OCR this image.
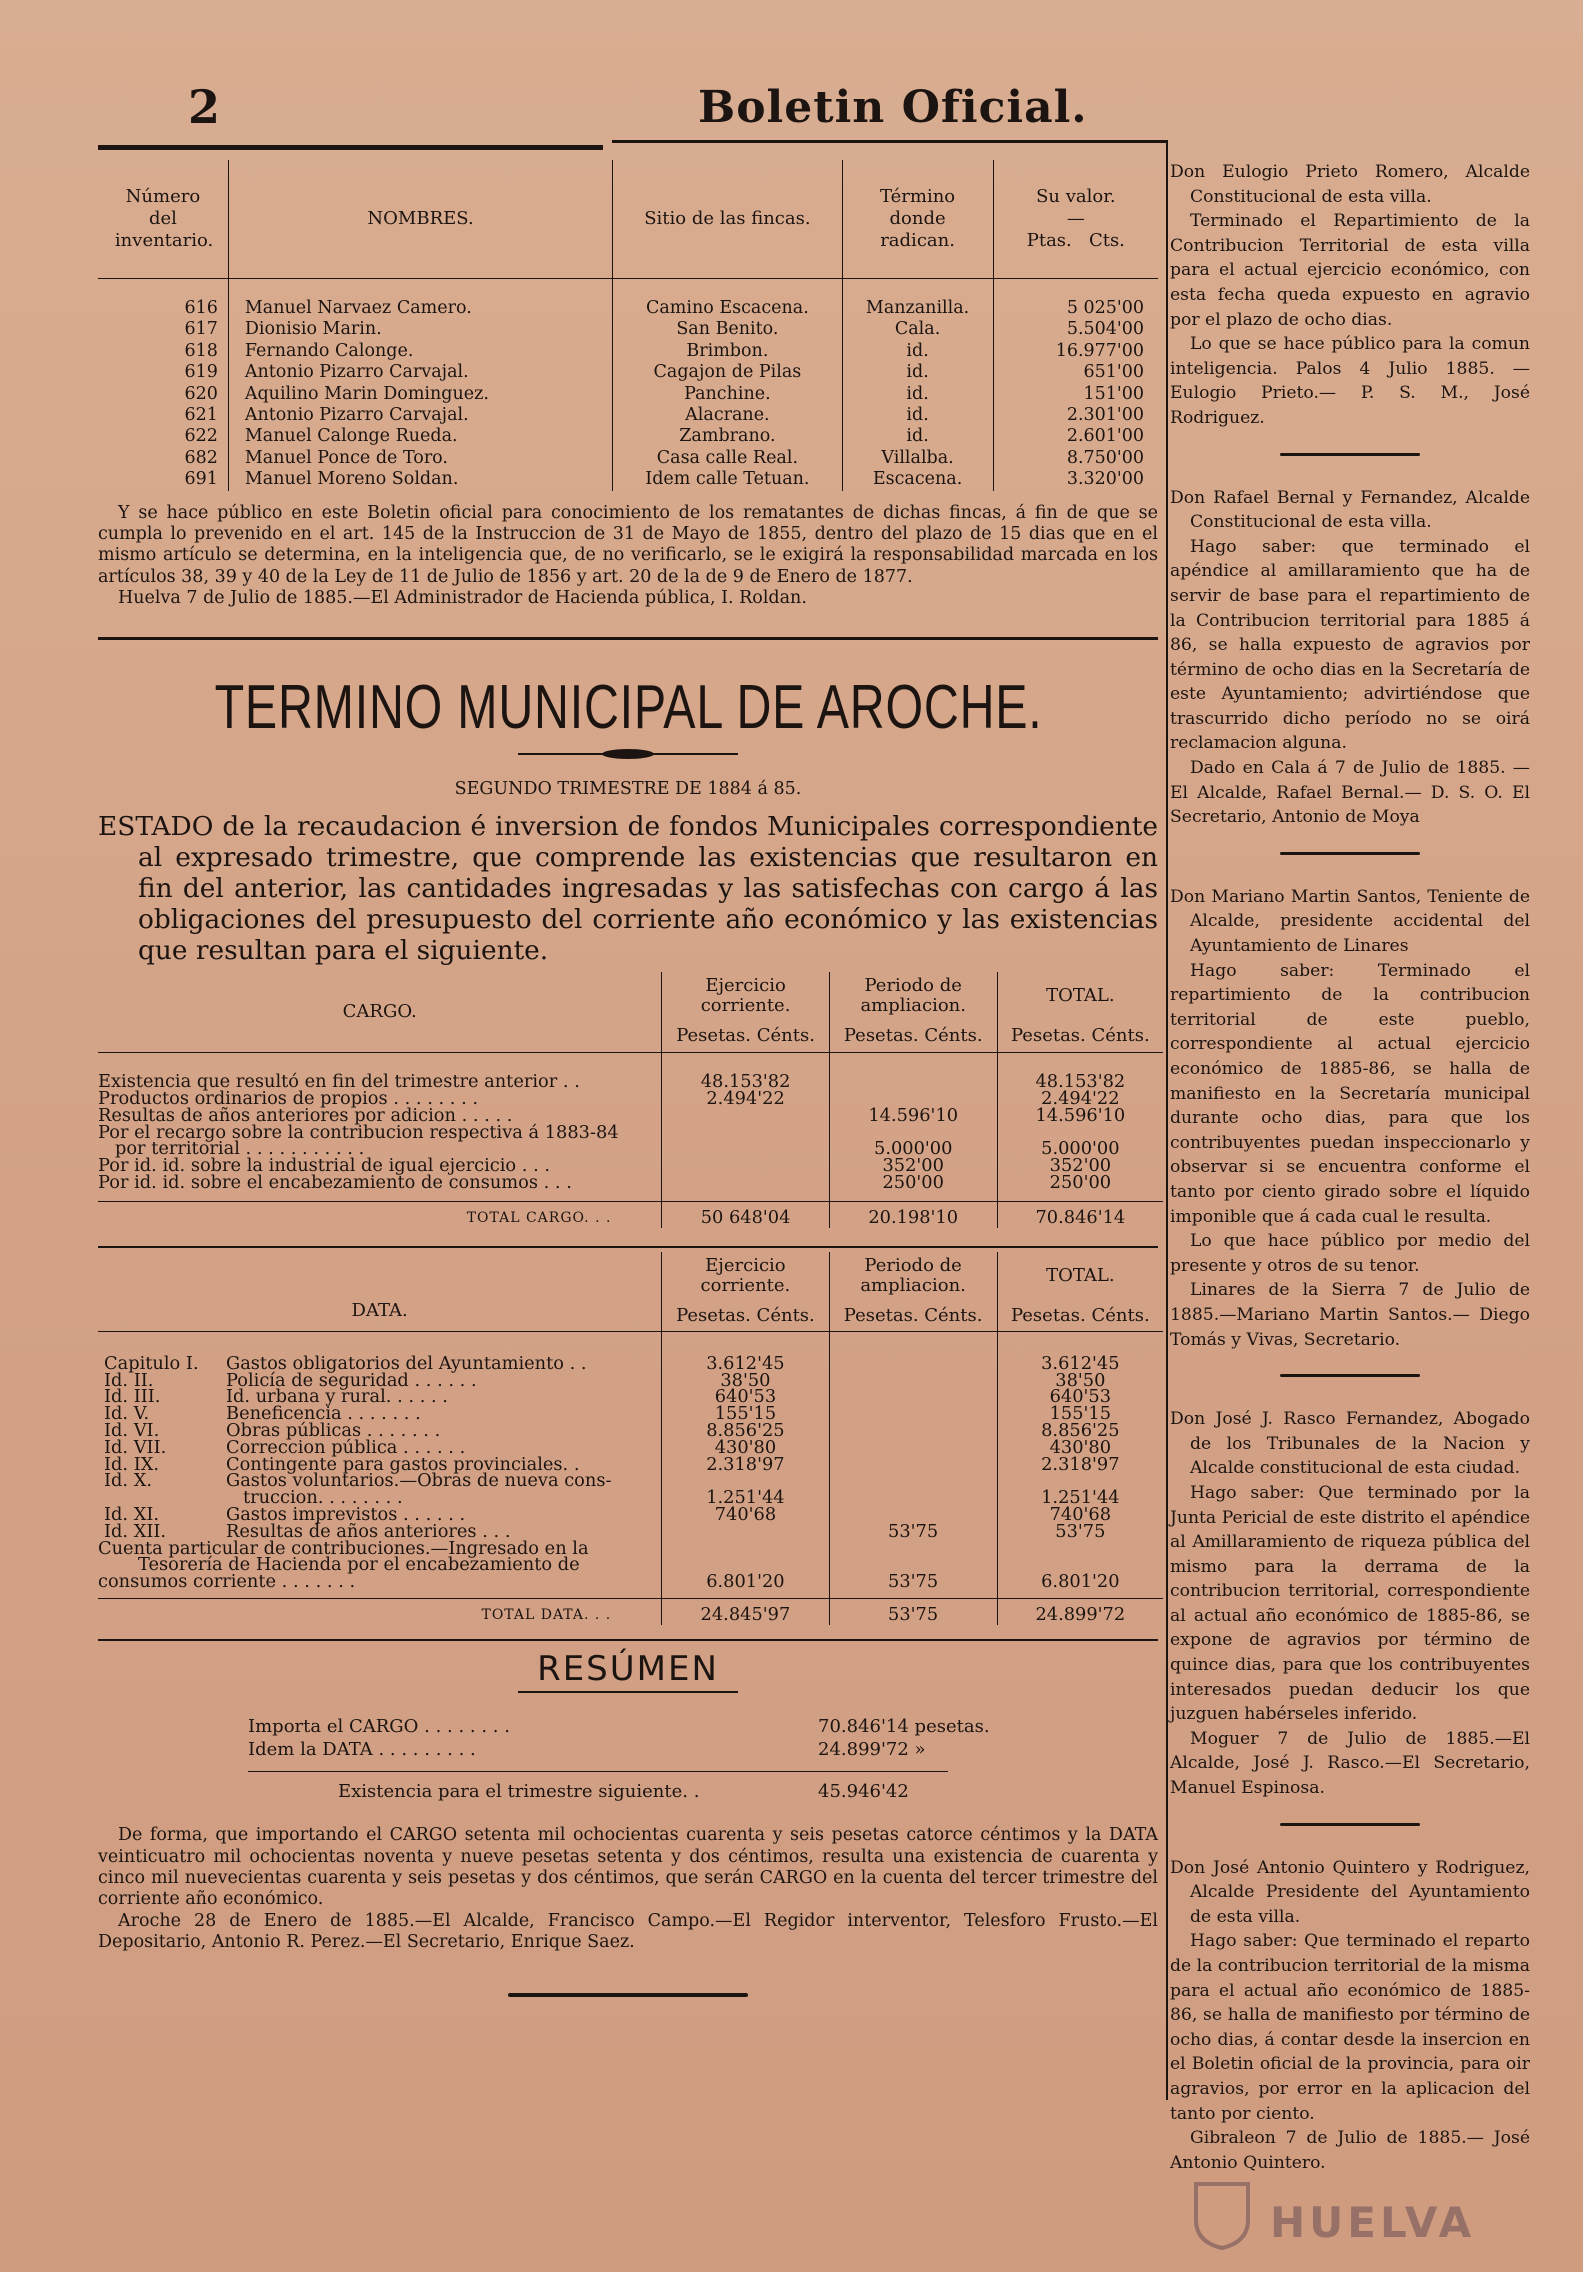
2	Boletin Oficial.
Número del inventario.	NOMBRES.	Sitio de las fincas.	Término donde radican.	Su valor.
—
Ptas. Cts.

616	Manuel Narvaez Camero.	Camino Escacena.	Manzanilla.	5 025'00
617	Dionisio Marin.	San Benito.	Cala.	5.504'00
618	Fernando Calonge.	Brimbon.	id.	16.977'00
619	Antonio Pizarro Carvajal.	Cagajon de Pilas	id.	651'00
620	Aquilino Marin Dominguez.	Panchine.	id.	151'00
621	Antonio Pizarro Carvajal.	Alacrane.	id.	2.301'00
622	Manuel Calonge Rueda.	Zambrano.	id.	2.601'00
682	Manuel Ponce de Toro.	Casa calle Real.	Villalba.	8.750'00
691	Manuel Moreno Soldan.	Idem calle Tetuan.	Escacena.	3.320'00

Y se hace público en este Boletin oficial para conocimiento de los rematantes de dichas fincas, á fin de que se cumpla lo prevenido en el art. 145 de la Instruccion de 31 de Mayo de 1855, dentro del plazo de 15 dias que en el mismo artículo se determina, en la inteligencia que, de no verificarlo, se le exigirá la responsabilidad marcada en los artículos 38, 39 y 40 de la Ley de 11 de Julio de 1856 y art. 20 de la de 9 de Enero de 1877.

Huelva 7 de Julio de 1885.—El Administrador de Hacienda pública, I. Roldan.

TERMINO MUNICIPAL DE AROCHE.

SEGUNDO TRIMESTRE DE 1884 á 85.

ESTADO de la recaudacion é inversion de fondos Municipales correspondiente al expresado trimestre, que comprende las existencias que resultaron en fin del anterior, las cantidades ingresadas y las satisfechas con cargo á las obligaciones del presupuesto del corriente año económico y las existencias que resultan para el siguiente.

CARGO.	Ejercicio corriente.	Periodo de ampliacion.	TOTAL.
	Pesetas. Cénts.	Pesetas. Cénts.	Pesetas. Cénts.

Existencia que resultó en fin del trimestre anterior . .	48.153'82		48.153'82
Productos ordinarios de propios . . . . . . . .	2.494'22		2.494'22
Resultas de años anteriores por adicion . . . . .		14.596'10	14.596'10
Por el recargo sobre la contribucion respectiva á 1883-84			
por territorial . . . . . . . . . . .		5.000'00	5.000'00
Por id. id. sobre la industrial de igual ejercicio . . .		352'00	352'00
Por id. id. sobre el encabezamiento de consumos . . .		250'00	250'00

TOTAL CARGO. . .	50 648'04	20.198'10	70.846'14
DATA.	Ejercicio corriente.	Periodo de ampliacion.	TOTAL.
	Pesetas. Cénts.	Pesetas. Cénts.	Pesetas. Cénts.

Capitulo I. Gastos obligatorios del Ayuntamiento . .	3.612'45		3.612'45
Id. II. Policía de seguridad . . . . . .	38'50		38'50
Id. III. Id. urbana y rural. . . . . .	640'53		640'53
Id. V. Beneficencia . . . . . . .	155'15		155'15
Id. VI. Obras públicas . . . . . . .	8.856'25		8.856'25
Id. VII. Correccion pública . . . . . .	430'80		430'80
Id. IX. Contingente para gastos provinciales. .	2.318'97		2.318'97
Id. X. Gastos voluntarios.—Obras de nueva cons-			
truccion. . . . . . . .	1.251'44		1.251'44
Id. XI. Gastos imprevistos . . . . . .	740'68		740'68
Id. XII. Resultas de años anteriores . . .		53'75	53'75
Cuenta particular de contribuciones.—Ingresado en la			
Tesorería de Hacienda por el encabezamiento de			
consumos corriente . . . . . . .	6.801'20	53'75	6.801'20

TOTAL DATA. . .	24.845'97	53'75	24.899'72

RESÚMEN

Importa el CARGO . . . . . . . .	70.846'14 pesetas.
Idem la DATA . . . . . . . . .	24.899'72 »
Existencia para el trimestre siguiente. .	45.946'42

De forma, que importando el CARGO setenta mil ochocientas cuarenta y seis pesetas catorce céntimos y la DATA veinticuatro mil ochocientas noventa y nueve pesetas setenta y dos céntimos, resulta una existencia de cuarenta y cinco mil nuevecientas cuarenta y seis pesetas y dos céntimos, que serán CARGO en la cuenta del tercer trimestre del corriente año económico.

Aroche 28 de Enero de 1885.—El Alcalde, Francisco Campo.—El Regidor interventor, Telesforo Frusto.—El Depositario, Antonio R. Perez.—El Secretario, Enrique Saez.

Don Eulogio Prieto Romero, Alcalde Constitucional de esta villa.

Terminado el Repartimiento de la Contribucion Territorial de esta villa para el actual ejercicio económico, con esta fecha queda expuesto en agravio por el plazo de ocho dias.

Lo que se hace público para la comun inteligencia. Palos 4 Julio 1885. —Eulogio Prieto.— P. S. M., José Rodriguez.

Don Rafael Bernal y Fernandez, Alcalde Constitucional de esta villa.

Hago saber: que terminado el apéndice al amillaramiento que ha de servir de base para el repartimiento de la Contribucion territorial para 1885 á 86, se halla expuesto de agravios por término de ocho dias en la Secretaría de este Ayuntamiento; advirtiéndose que trascurrido dicho período no se oirá reclamacion alguna.

Dado en Cala á 7 de Julio de 1885. —El Alcalde, Rafael Bernal.— D. S. O. El Secretario, Antonio de Moya

Don Mariano Martin Santos, Teniente de Alcalde, presidente accidental del Ayuntamiento de Linares

Hago saber: Terminado el repartimiento de la contribucion territorial de este pueblo, correspondiente al actual ejercicio económico de 1885-86, se halla de manifiesto en la Secretaría municipal durante ocho dias, para que los contribuyentes puedan inspeccionarlo y observar si se encuentra conforme el tanto por ciento girado sobre el líquido imponible que á cada cual le resulta.

Lo que hace público por medio del presente y otros de su tenor.

Linares de la Sierra 7 de Julio de 1885.—Mariano Martin Santos.— Diego Tomás y Vivas, Secretario.

Don José J. Rasco Fernandez, Abogado de los Tribunales de la Nacion y Alcalde constitucional de esta ciudad.

Hago saber: Que terminado por la Junta Pericial de este distrito el apéndice al Amillaramiento de riqueza pública del mismo para la derrama de la contribucion territorial, correspondiente al actual año económico de 1885-86, se expone de agravios por término de quince dias, para que los contribuyentes interesados puedan deducir los que juzguen habérseles inferido.

Moguer 7 de Julio de 1885.—El Alcalde, José J. Rasco.—El Secretario, Manuel Espinosa.

Don José Antonio Quintero y Rodriguez, Alcalde Presidente del Ayuntamiento de esta villa.

Hago saber: Que terminado el reparto de la contribucion territorial de la misma para el actual año económico de 1885-86, se halla de manifiesto por término de ocho dias, á contar desde la insercion en el Boletin oficial de la provincia, para oir agravios, por error en la aplicacion del tanto por ciento.

Gibraleon 7 de Julio de 1885.— José Antonio Quintero.

HUELVA
